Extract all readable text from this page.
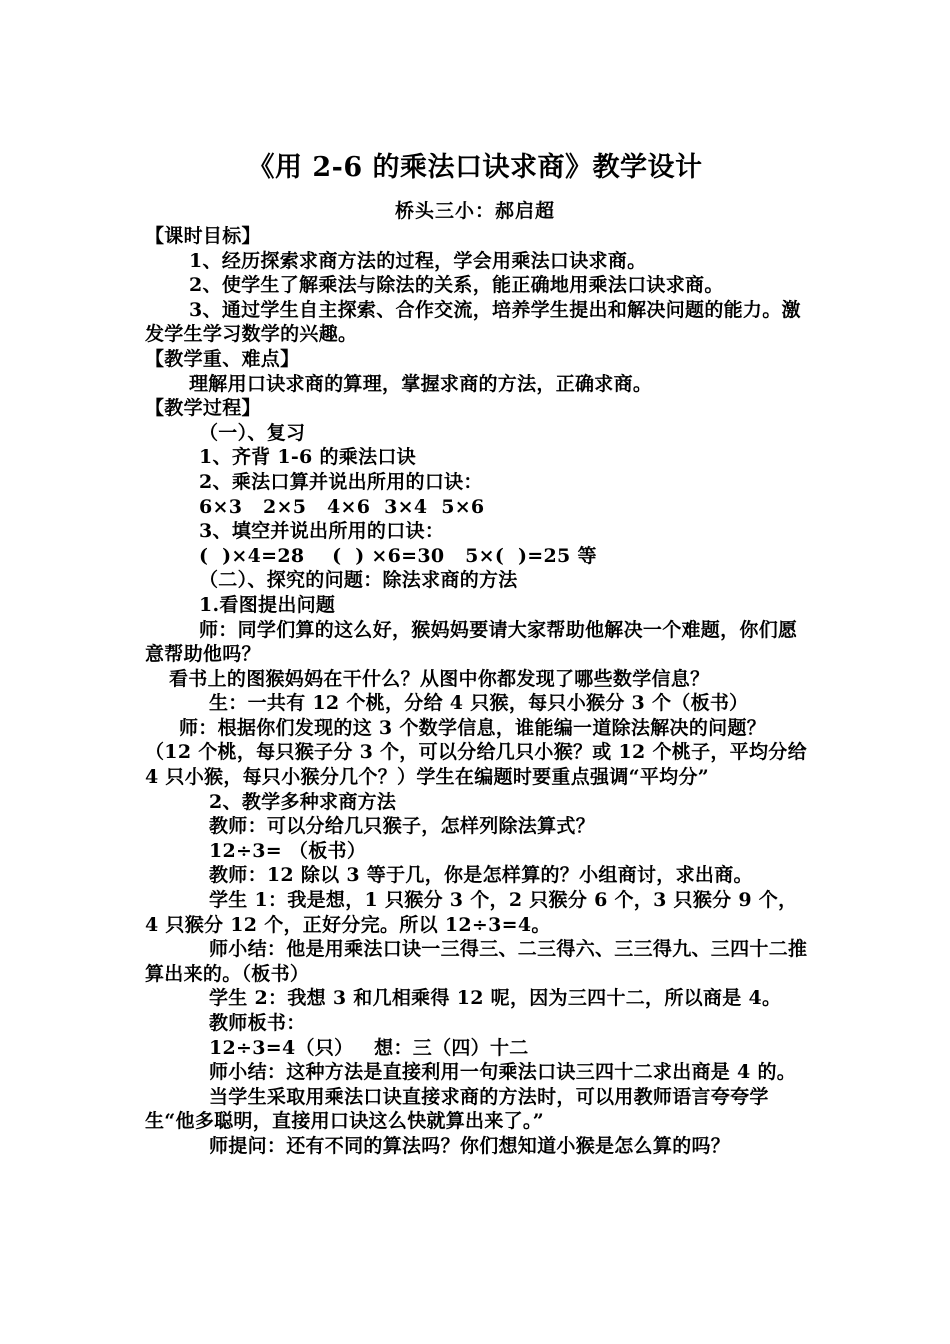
《用 2-6 的乘法口诀求商》教学设计
桥头三小：郝启超

【课时目标】

1、经历探索求商方法的过程，学会用乘法口诀求商。

2、使学生了解乘法与除法的关系，能正确地用乘法口诀求商。

3、通过学生自主探索、合作交流，培养学生提出和解决问题的能力。激发学生学习数学的兴趣。

【教学重、难点】

理解用口诀求商的算理，掌握求商的方法，正确求商。

【教学过程】

（一）、复习

1、齐背 1-6 的乘法口诀

2、乘法口算并说出所用的口诀：

6×3   2×5   4×6  3×4  5×6

3、填空并说出所用的口诀：

(  )×4=28    (  ) ×6=30   5×(  )=25 等

（二）、探究的问题：除法求商的方法

1.看图提出问题

师：同学们算的这么好，猴妈妈要请大家帮助他解决一个难题，你们愿意帮助他吗？

看书上的图猴妈妈在干什么？从图中你都发现了哪些数学信息？

生：一共有 12 个桃，分给 4 只猴，每只小猴分 3 个（板书）

师：根据你们发现的这 3 个数学信息，谁能编一道除法解决的问题？（12 个桃，每只猴子分 3 个，可以分给几只小猴？或 12 个桃子，平均分给 4 只小猴，每只小猴分几个？）学生在编题时要重点强调“平均分”

2、教学多种求商方法

教师：可以分给几只猴子，怎样列除法算式？

12÷3= （板书）

教师：12 除以 3 等于几，你是怎样算的？小组商讨，求出商。

学生 1：我是想，1 只猴分 3 个，2 只猴分 6 个，3 只猴分 9 个，4 只猴分 12 个，正好分完。所以 12÷3=4。

师小结：他是用乘法口诀一三得三、二三得六、三三得九、三四十二推算出来的。（板书）

学生 2：我想 3 和几相乘得 12 呢，因为三四十二，所以商是 4。

教师板书：

12÷3=4（只）   想：三（四）十二

师小结：这种方法是直接利用一句乘法口诀三四十二求出商是 4 的。

当学生采取用乘法口诀直接求商的方法时，可以用教师语言夸夸学生“他多聪明，直接用口诀这么快就算出来了。”

师提问：还有不同的算法吗？你们想知道小猴是怎么算的吗？
